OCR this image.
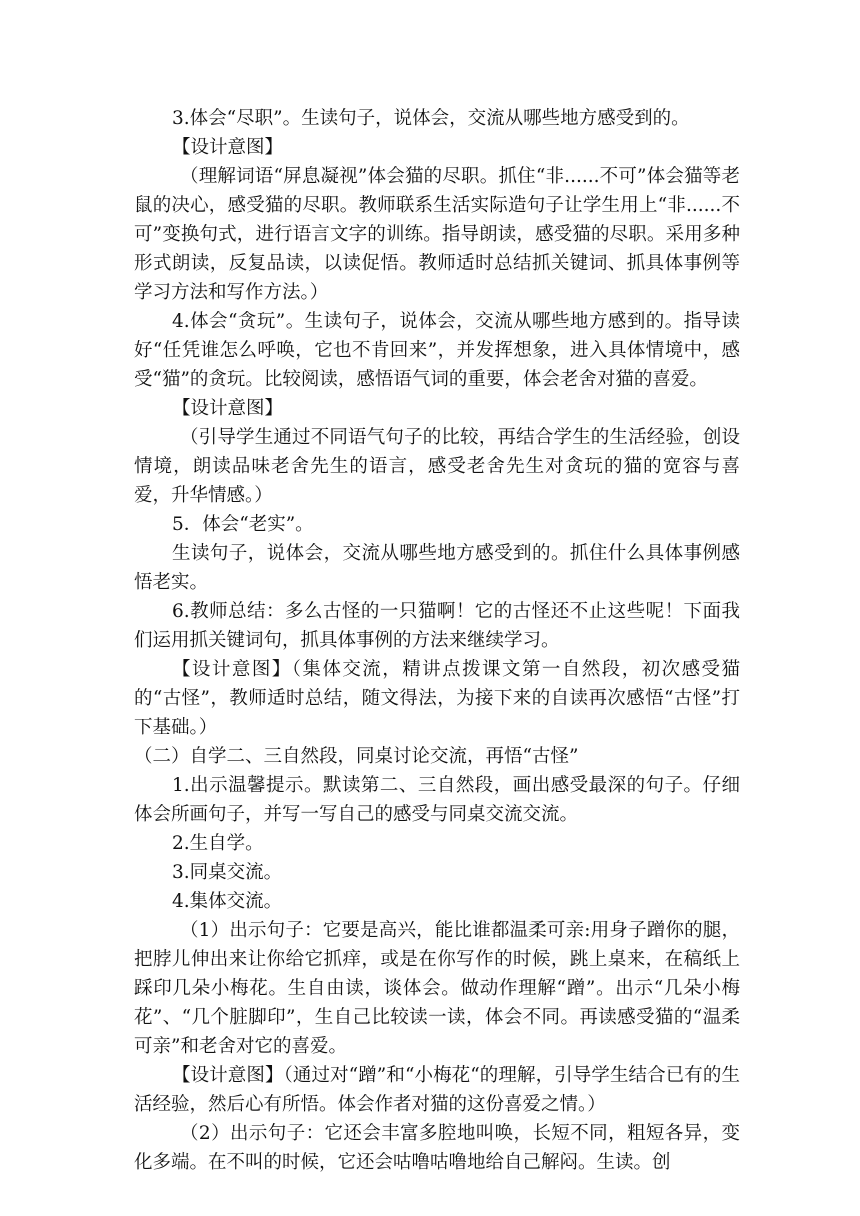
3.体会“尽职”。生读句子，说体会，交流从哪些地方感受到的。

【设计意图】

（理解词语“屏息凝视”体会猫的尽职。抓住“非......不可”体会猫等老鼠的决心，感受猫的尽职。教师联系生活实际造句子让学生用上“非......不可”变换句式，进行语言文字的训练。指导朗读，感受猫的尽职。采用多种形式朗读，反复品读，以读促悟。教师适时总结抓关键词、抓具体事例等学习方法和写作方法。）

4.体会“贪玩”。生读句子，说体会，交流从哪些地方感到的。指导读好“任凭谁怎么呼唤，它也不肯回来”，并发挥想象，进入具体情境中，感受“猫”的贪玩。比较阅读，感悟语气词的重要，体会老舍对猫的喜爱。

【设计意图】

（引导学生通过不同语气句子的比较，再结合学生的生活经验，创设情境，朗读品味老舍先生的语言，感受老舍先生对贪玩的猫的宽容与喜爱，升华情感。）

5．体会“老实”。

生读句子，说体会，交流从哪些地方感受到的。抓住什么具体事例感悟老实。

6.教师总结：多么古怪的一只猫啊！它的古怪还不止这些呢！下面我们运用抓关键词句，抓具体事例的方法来继续学习。

【设计意图】（集体交流，精讲点拨课文第一自然段，初次感受猫的“古怪”，教师适时总结，随文得法，为接下来的自读再次感悟“古怪”打下基础。）

（二）自学二、三自然段，同桌讨论交流，再悟“古怪”

1.出示温馨提示。默读第二、三自然段，画出感受最深的句子。仔细体会所画句子，并写一写自己的感受与同桌交流交流。

2.生自学。

3.同桌交流。

4.集体交流。

（1）出示句子：它要是高兴，能比谁都温柔可亲:用身子蹭你的腿，把脖儿伸出来让你给它抓痒，或是在你写作的时候，跳上桌来，在稿纸上踩印几朵小梅花。生自由读，谈体会。做动作理解“蹭”。出示“几朵小梅花”、“几个脏脚印”，生自己比较读一读，体会不同。再读感受猫的“温柔可亲”和老舍对它的喜爱。

【设计意图】（通过对“蹭”和“小梅花“的理解，引导学生结合已有的生活经验，然后心有所悟。体会作者对猫的这份喜爱之情。）

（2）出示句子：它还会丰富多腔地叫唤，长短不同，粗短各异，变化多端。在不叫的时候，它还会咕噜咕噜地给自己解闷。生读。创
